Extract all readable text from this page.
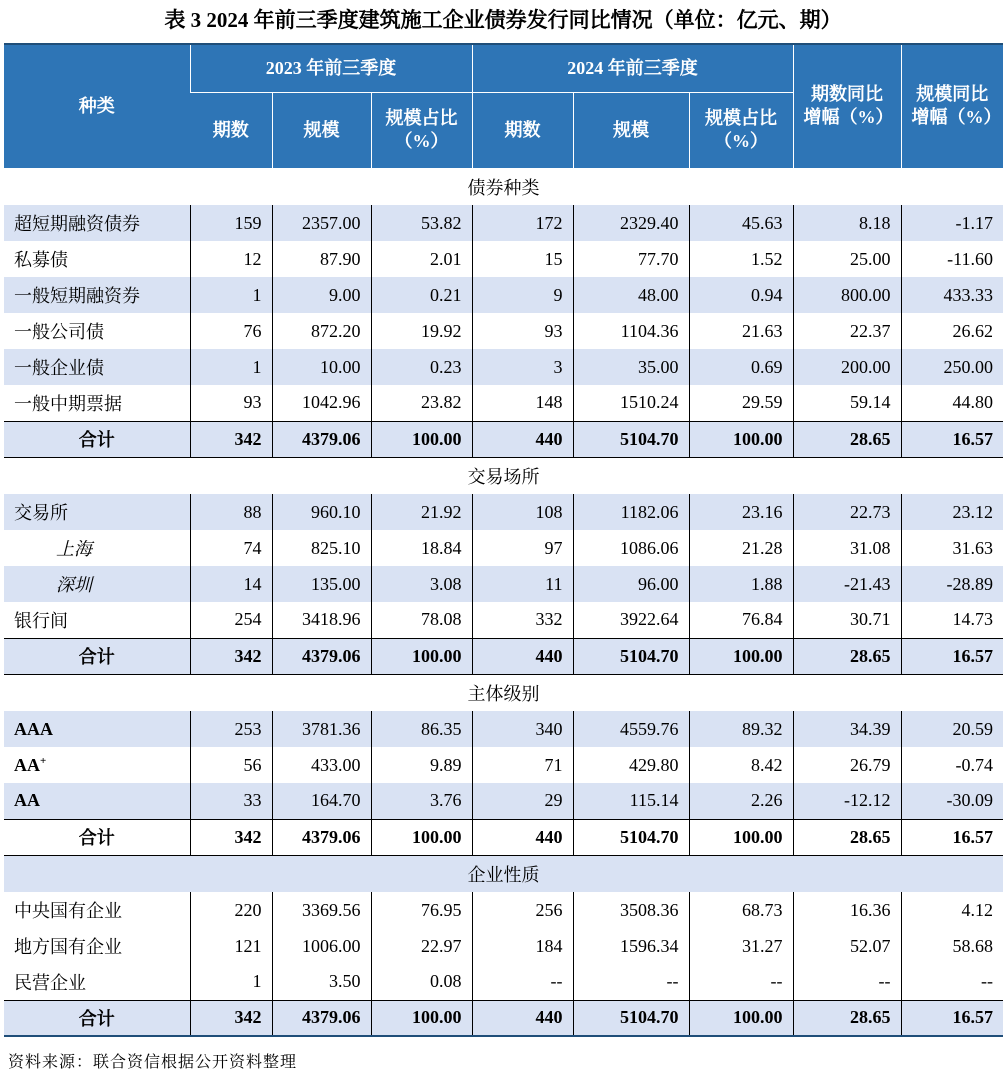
表 3 2024 年前三季度建筑施工企业债券发行同比情况（单位：亿元、期）
种类	2023 年前三季度			2024 年前三季度			期数同比增幅（%）	规模同比增幅（%）
	期数	规模	规模占比（%）	期数	规模	规模占比（%）		
债券种类								
超短期融资债券	159	2357.00	53.82	172	2329.40	45.63	8.18	-1.17
私募债	12	87.90	2.01	15	77.70	1.52	25.00	-11.60
一般短期融资券	1	9.00	0.21	9	48.00	0.94	800.00	433.33
一般公司债	76	872.20	19.92	93	1104.36	21.63	22.37	26.62
一般企业债	1	10.00	0.23	3	35.00	0.69	200.00	250.00
一般中期票据	93	1042.96	23.82	148	1510.24	29.59	59.14	44.80
合计	342	4379.06	100.00	440	5104.70	100.00	28.65	16.57
交易场所								
交易所	88	960.10	21.92	108	1182.06	23.16	22.73	23.12
上海	74	825.10	18.84	97	1086.06	21.28	31.08	31.63
深圳	14	135.00	3.08	11	96.00	1.88	-21.43	-28.89
银行间	254	3418.96	78.08	332	3922.64	76.84	30.71	14.73
合计	342	4379.06	100.00	440	5104.70	100.00	28.65	16.57
主体级别								
AAA	253	3781.36	86.35	340	4559.76	89.32	34.39	20.59
AA+	56	433.00	9.89	71	429.80	8.42	26.79	-0.74
AA	33	164.70	3.76	29	115.14	2.26	-12.12	-30.09
合计	342	4379.06	100.00	440	5104.70	100.00	28.65	16.57
企业性质								
中央国有企业	220	3369.56	76.95	256	3508.36	68.73	16.36	4.12
地方国有企业	121	1006.00	22.97	184	1596.34	31.27	52.07	58.68
民营企业	1	3.50	0.08	--	--	--	--	--
合计	342	4379.06	100.00	440	5104.70	100.00	28.65	16.57
资料来源：联合资信根据公开资料整理
